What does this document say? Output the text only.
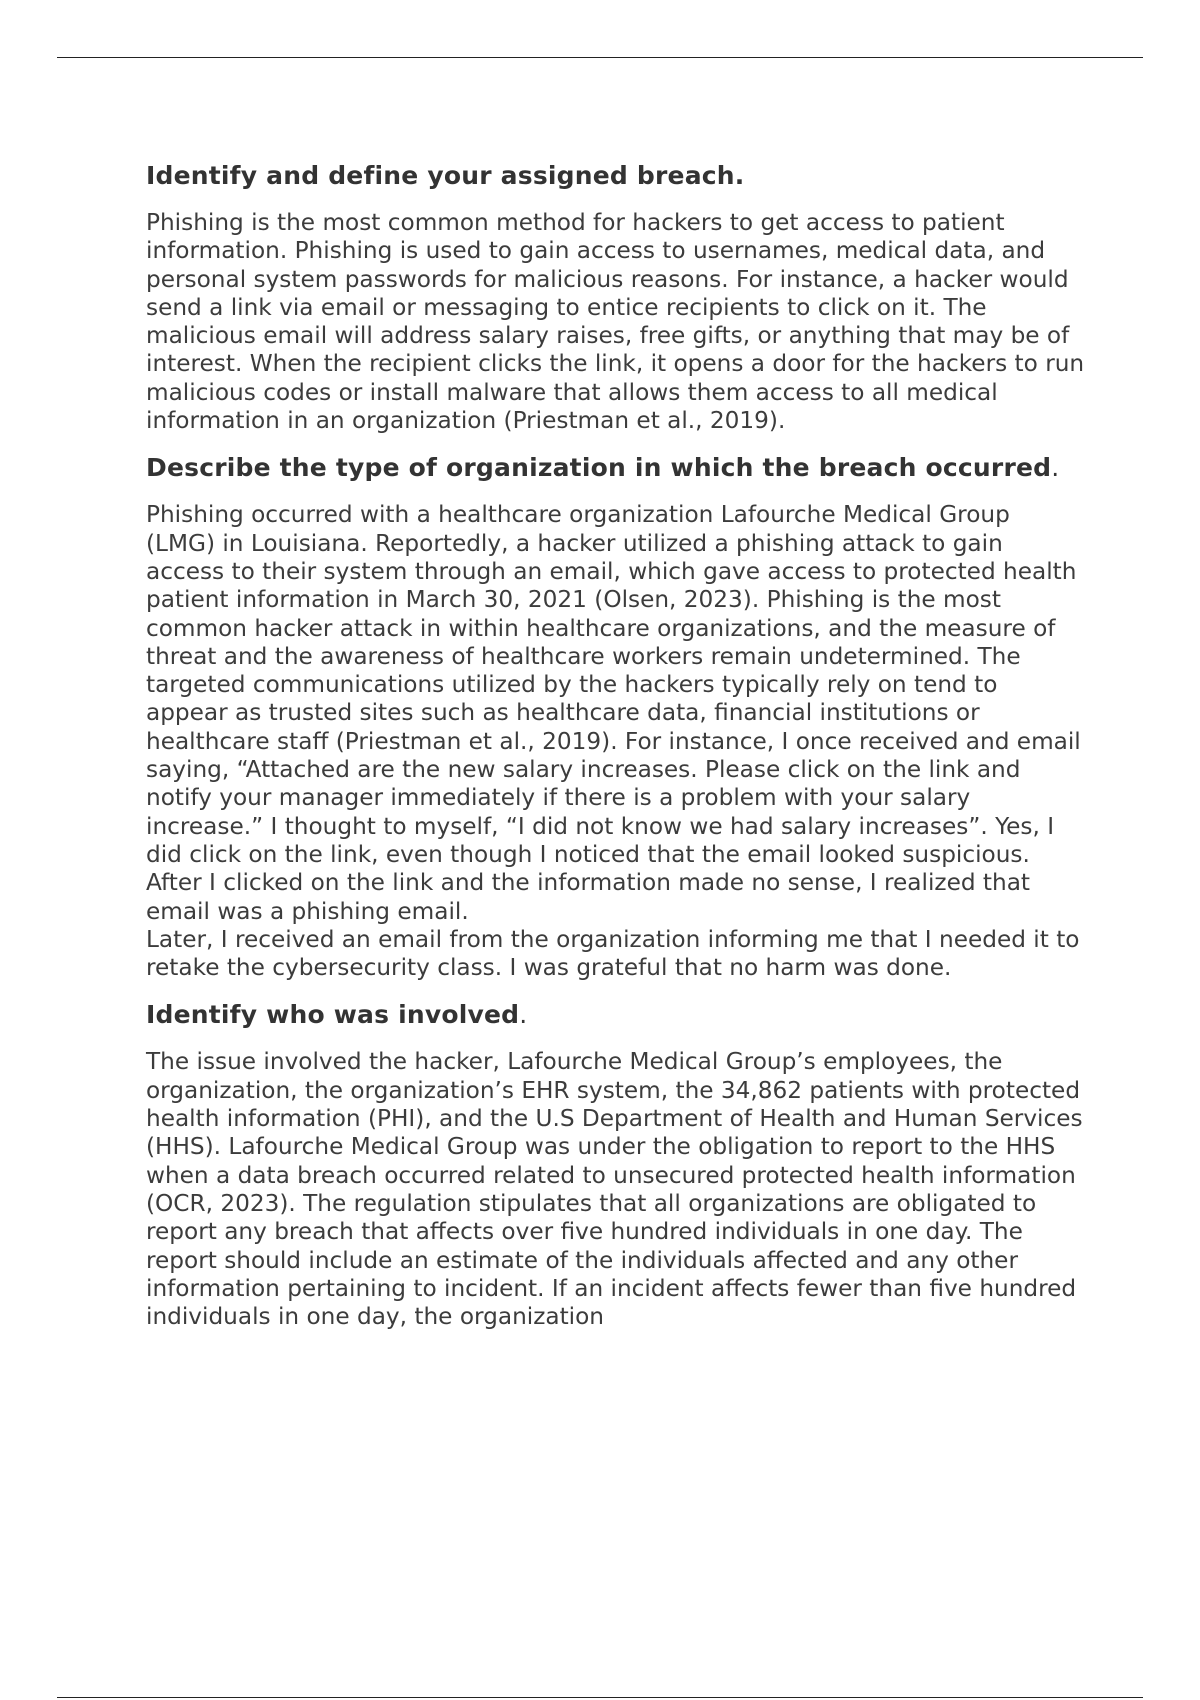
Identify and define your assigned breach.

Phishing is the most common method for hackers to get access to patient information. Phishing is used to gain access to usernames, medical data, and personal system passwords for malicious reasons. For instance, a hacker would send a link via email or messaging to entice recipients to click on it. The malicious email will address salary raises, free gifts, or anything that may be of interest. When the recipient clicks the link, it opens a door for the hackers to run malicious codes or install malware that allows them access to all medical information in an organization (Priestman et al., 2019).

Describe the type of organization in which the breach occurred.

Phishing occurred with a healthcare organization Lafourche Medical Group (LMG) in Louisiana. Reportedly, a hacker utilized a phishing attack to gain access to their system through an email, which gave access to protected health patient information in March 30, 2021 (Olsen, 2023). Phishing is the most common hacker attack in within healthcare organizations, and the measure of threat and the awareness of healthcare workers remain undetermined. The targeted communications utilized by the hackers typically rely on tend to appear as trusted sites such as healthcare data, financial institutions or healthcare staff (Priestman et al., 2019). For instance, I once received and email saying, “Attached are the new salary increases. Please click on the link and notify your manager immediately if there is a problem with your salary increase.” I thought to myself, “I did not know we had salary increases”. Yes, I did click on the link, even though I noticed that the email looked suspicious. After I clicked on the link and the information made no sense, I realized that email was a phishing email.

Later, I received an email from the organization informing me that I needed it to retake the cybersecurity class. I was grateful that no harm was done.

Identify who was involved.

The issue involved the hacker, Lafourche Medical Group’s employees, the organization, the organization’s EHR system, the 34,862 patients with protected health information (PHI), and the U.S Department of Health and Human Services (HHS). Lafourche Medical Group was under the obligation to report to the HHS when a data breach occurred related to unsecured protected health information (OCR, 2023). The regulation stipulates that all organizations are obligated to report any breach that affects over five hundred individuals in one day. The report should include an estimate of the individuals affected and any other information pertaining to incident. If an incident affects fewer than five hundred individuals in one day, the organization
